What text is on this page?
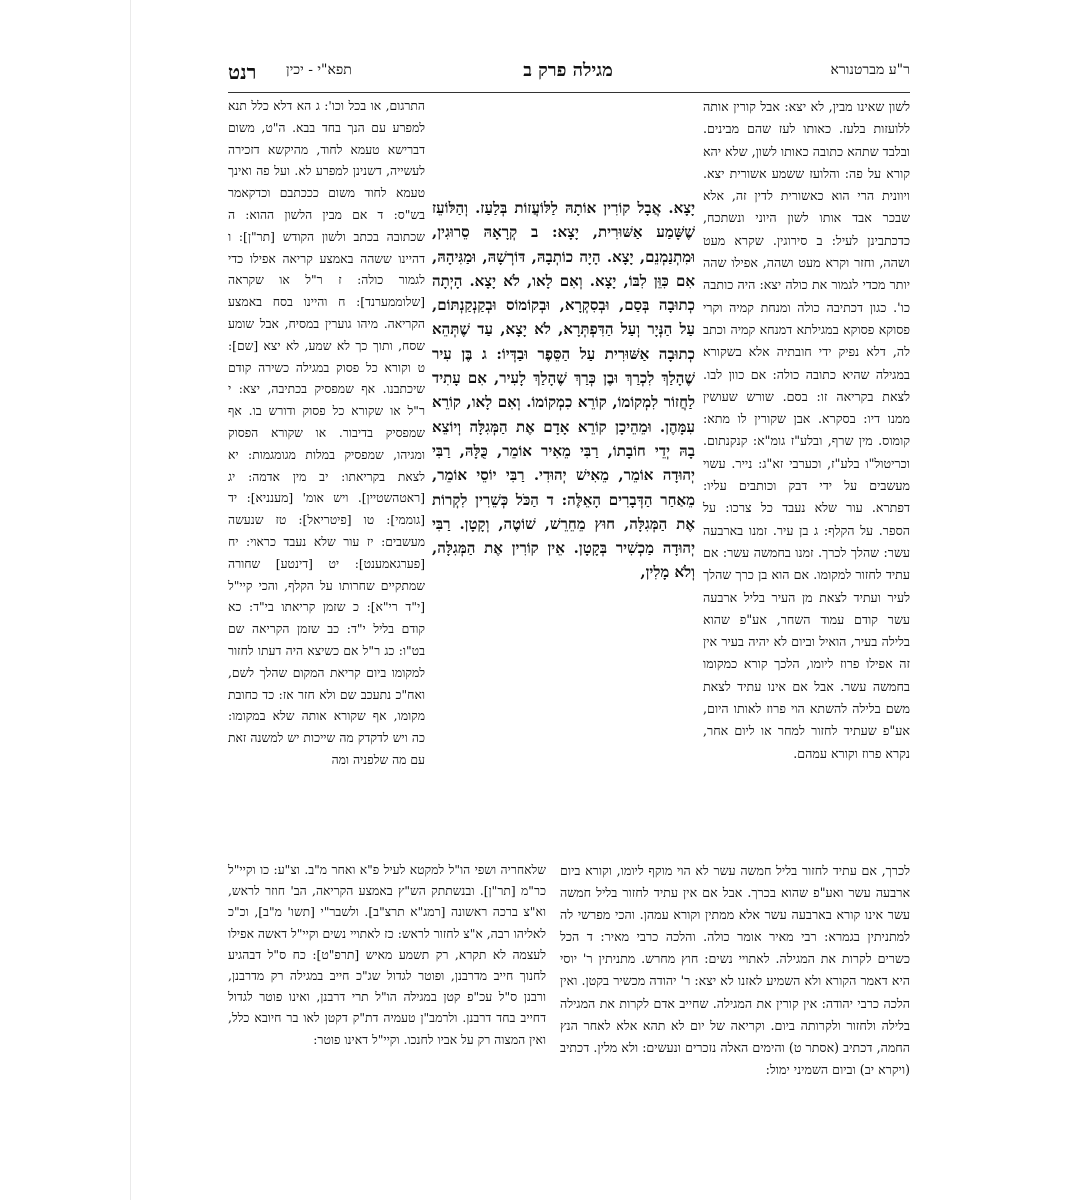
ר"ע מברטנורא
מגילה פרק ב
תפא"י - יכין
רנט
לשון שאינו מבין, לא יצא: אבל קורין אותה ללועזות בלעז. כאותו לעז שהם מבינים. ובלבד שתהא כתובה כאותו לשון, שלא יהא קורא על פה: והלועז ששמע אשורית יצא. ויוונית הרי הוא כאשורית לדין זה, אלא שבכר אבד אותו לשון היוני ונשתכח, כדכתבינן לעיל: ב סירוגין. שקרא מעט ושהה, וחזר וקרא מעט ושהה, אפילו שהה יותר מכדי לגמור את כולה יצא: היה כותבה כו'. כגון דכתיבה כולה ומנחת קמיה וקרי פסוקא פסוקא במגילתא דמנחא קמיה וכתב לה, דלא נפיק ידי חובתיה אלא בשקורא במגילה שהיא כתובה כולה: אם כוון לבו. לצאת בקריאה זו: בסם. שורש שעושין ממנו דיו: בסקרא. אבן שקורין לו מתא: קומוס. מין שרף, ובלע"ז גומ"א: קנקנתום. וכריטול"ו בלע"ז, וכערבי זא"ג: נייר. עשוי מעשבים על ידי דבק וכותבים עליו: דפתרא. עור שלא נעבד כל צרכו: על הספר. על הקלף: ג בן עיר. זמנו בארבעה עשר: שהלך לכרך. זמנו בחמשה עשר: אם עתיד לחזור למקומו. אם הוא בן כרך שהלך לעיר ועתיד לצאת מן העיר בליל ארבעה עשר קודם עמוד השחר, אע"פ שהוא בלילה בעיר, הואיל וביום לא יהיה בעיר אין זה אפילו פרוז ליומו, הלכך קורא כמקומו בחמשה עשר. אבל אם אינו עתיד לצאת משם בלילה להשתא הוי פרוז לאותו היום, אע"פ שעתיד לחזור למחר או ליום אחר, נקרא פרוז וקורא עמהם.
יָצָא. אֲבָל קוֹרִין אוֹתָהּ לַלּוֹעֲזוֹת בְּלַעַז. וְהַלּוֹעֵז שֶׁשָּׁמַע אַשּׁוּרִית, יָצָא: ב קְרָאָהּ סֵרוּגִין, וּמִתְנַמְנֵם, יָצָא. הָיָה כוֹתְבָהּ, דּוֹרְשָׁהּ, וּמַגִּיהָהּ, אִם כִּוֵּן לִבּוֹ, יָצָא. וְאִם לָאו, לֹא יָצָא. הָיְתָה כְתוּבָה בְּסַם, וּבְסִקְרָא, וּבְקוֹמוֹס וּבְקַנְקַנְתּוֹם, עַל הַנְּיָר וְעַל הַדִּפְתְּרָא, לֹא יָצָא, עַד שֶׁתְּהֵא כְתוּבָה אַשּׁוּרִית עַל הַסֵּפֶר וּבַדְּיוֹ: ג בֶּן עִיר שֶׁהָלַךְ לִכְרַךְ וּבֶן כְּרַךְ שֶׁהָלַךְ לָעִיר, אִם עָתִיד לַחֲזוֹר לִמְקוֹמוֹ, קוֹרֵא כִמְקוֹמוֹ. וְאִם לָאו, קוֹרֵא עִמָּהֶן. וּמֵהֵיכָן קוֹרֵא אָדָם אֶת הַמְּגִלָּה וְיוֹצֵא בָהּ יְדֵי חוֹבָתוֹ, רַבִּי מֵאִיר אוֹמֵר, כֻּלָּהּ, רַבִּי יְהוּדָה אוֹמֵר, מֵאִישׁ יְהוּדִי. רַבִּי יוֹסֵי אוֹמֵר, מֵאַחַר הַדְּבָרִים הָאֵלֶּה: ד הַכֹּל כְּשֵׁרִין לִקְרוֹת אֶת הַמְּגִלָּה, חוּץ מֵחֵרֵשׁ, שׁוֹטֶה, וְקָטָן. רַבִּי יְהוּדָה מַכְשִׁיר בְּקָטָן. אֵין קוֹרִין אֶת הַמְּגִלָּה, וְלֹא מָלִין,
התרגום, או בכל וכו': ג הא דלא כלל תנא למפרע עם הנך בחד בבא. ה"ט, משום דברישא טעמא לחוד, מהיקשא דזכירה לעשייה, דשנינן למפרע לא. ועל פה ואינך טעמא לחוד משום כככתבם וכדקאמר בש"ס: ד אם מבין הלשון ההוא: ה שכתובה בכתב ולשון הקודש [תר"ן]: ו דהיינו ששהה באמצע קריאה אפילו כדי לגמור כולה: ז ר"ל או שקראה [שלוממערנד]: ח והיינו בסח באמצע הקריאה. מיהו גוערין במסיח, אבל שומע שסח, ותוך כך לא שמע, לא יצא [שם]: ט וקורא כל פסוק במגילה כשירה קודם שיכתבנו. אף שמפסיק בכתיבה, יצא: י ר"ל או שקורא כל פסוק ודורש בו. אף שמפסיק בדיבור. או שקורא הפסוק ומגיהו, שמפסיק במלות מגומגמות: יא לצאת בקריאתו: יב מין אדמה: יג [ראטהשטיין]. ויש אומ' [מענניא]: יד [גוממי]: טו [פיטריאל]: טז שנעשה מעשבים: יז עור שלא נעבד כראוי: יח [פערגאמענט]: יט [דינטע] שחורה שמתקיים שחרותו על הקלף, והכי קיי"ל [י"ד רי"א]: כ שזמן קריאתו בי"ד: כא קודם בליל י"ד: כב שזמן הקריאה שם בט"ו: כג ר"ל אם כשיצא היה דעתו לחזור למקומו ביום קריאת המקום שהלך לשם, ואח"כ נתעכב שם ולא חזר אז: כד כחובת מקומו, אף שקורא אותה שלא במקומו: כה ויש לדקדק מה שייכות יש למשנה זאת עם מה שלפניה ומה
לכרך, אם עתיד לחזור בליל חמשה עשר לא הוי מוקף ליומו, וקורא ביום ארבעה עשר ואע"פ שהוא בכרך. אבל אם אין עתיד לחזור בליל חמשה עשר אינו קורא בארבעה עשר אלא ממתין וקורא עמהן. והכי מפרשי לה למתניתין בגמרא: רבי מאיר אומר כולה. והלכה כרבי מאיר: ד הכל כשרים לקרות את המגילה. לאתויי נשים: חוץ מחרש. מתניתין ר' יוסי היא דאמר הקורא ולא השמיע לאזנו לא יצא: ר' יהודה מכשיר בקטן. ואין הלכה כרבי יהודה: אין קורין את המגילה. שחייב אדם לקרות את המגילה בלילה ולחזור ולקרותה ביום. וקריאה של יום לא תהא אלא לאחר הנץ החמה, דכתיב (אסתר ט) והימים האלה נזכרים ונעשים: ולא מלין. דכתיב (ויקרא יב) וביום השמיני ימול:
שלאחריה ושפי הו"ל למקטא לעיל פ"א ואחר מ"ב. וצ"ע: כו וקיי"ל כר"מ [תר"ן]. ובנשתתק הש"ץ באמצע הקריאה, הב' חוזר לראש, וא"צ ברכה ראשונה [רמג"א תרצ"ב]. ולשבר"י [תשו' מ"ב], וכ"כ לאליהו רבה, א"צ לחזור לראש: כז לאתויי נשים וקיי"ל דאשה אפילו לעצמה לא תקרא, רק תשמע מאיש [תרפ"ט]: כח ס"ל דבהגיע לחנוך חייב מדרבנן, ופוטר לגדול שג"כ חייב במגילה רק מדרבנן, ורבנן ס"ל עכ"פ קטן במגילה הו"ל תרי דרבנן, ואינו פוטר לגדול דחייב בחד דרבנן. ולרמב"ן טעמיה דת"ק דקטן לאו בר חיובא כלל, ואין המצוה רק על אביו לחנכו. וקיי"ל דאינו פוטר:
